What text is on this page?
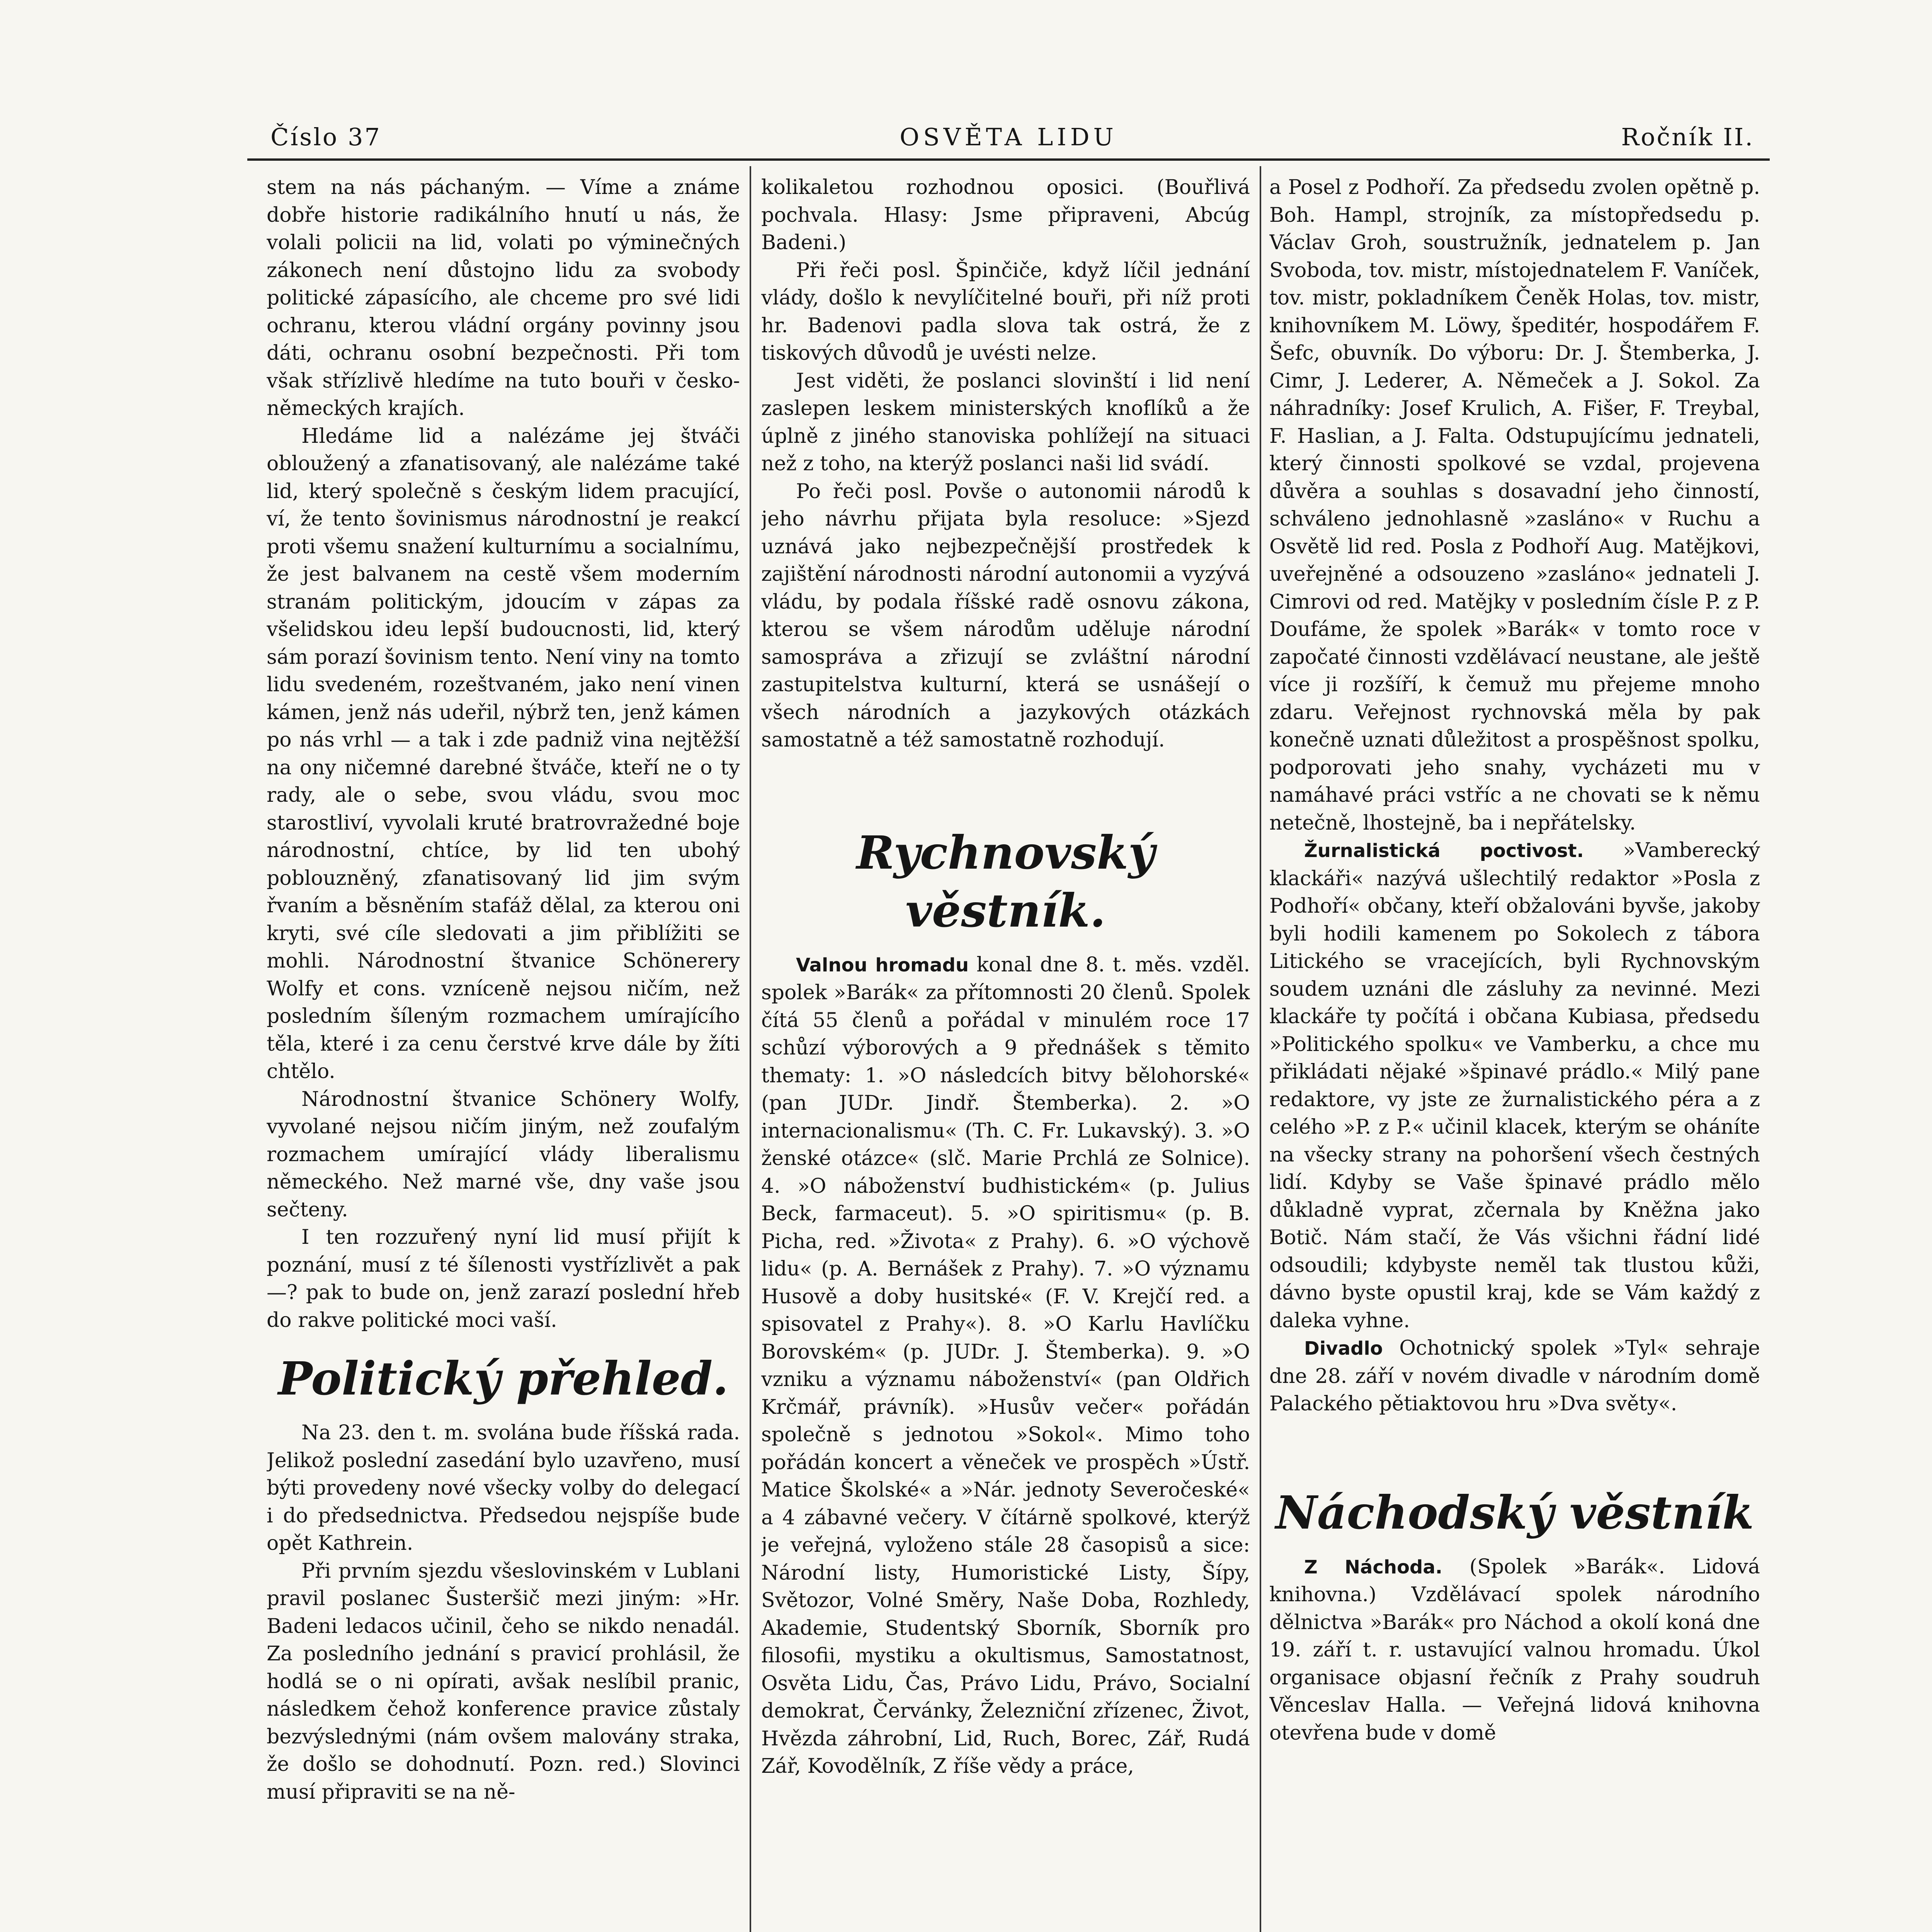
Číslo 37	OSVĚTA LIDU	Ročník II.

stem na nás páchaným. — Víme a známe dobře historie radikálního hnutí u nás, že volali policii na lid, volati po výminečných zákonech není důstojno lidu za svobody politické zápasícího, ale chceme pro své lidi ochranu, kterou vládní orgány povinny jsou dáti, ochranu osobní bezpečnosti. Při tom však střízlivě hledíme na tuto bouři v česko-německých krajích.

Hledáme lid a nalézáme jej štváči obloužený a zfanatisovaný, ale nalézáme také lid, který společně s českým lidem pracující, ví, že tento šovinismus národnostní je reakcí proti všemu snažení kulturnímu a socialnímu, že jest balvanem na cestě všem moderním stranám politickým, jdoucím v zápas za všelidskou ideu lepší budoucnosti, lid, který sám porazí šovinism tento. Není viny na tomto lidu svedeném, rozeštvaném, jako není vinen kámen, jenž nás udeřil, nýbrž ten, jenž kámen po nás vrhl — a tak i zde padniž vina nejtěžší na ony ničemné darebné štváče, kteří ne o ty rady, ale o sebe, svou vládu, svou moc starostliví, vyvolali kruté bratrovražedné boje národnostní, chtíce, by lid ten ubohý poblouzněný, zfanatisovaný lid jim svým řvaním a běsněním stafáž dělal, za kterou oni kryti, své cíle sledovati a jim přiblížiti se mohli. Národnostní štvanice Schönerery Wolfy et cons. vzníceně nejsou ničím, než posledním šíleným rozmachem umírajícího těla, které i za cenu čerstvé krve dále by žíti chtělo.

Národnostní štvanice Schönery Wolfy, vyvolané nejsou ničím jiným, než zoufalým rozmachem umírající vlády liberalismu německého. Než marné vše, dny vaše jsou sečteny.

I ten rozzuřený nyní lid musí přijít k poznání, musí z té šílenosti vystřízlivět a pak —? pak to bude on, jenž zarazí poslední hřeb do rakve politické moci vaší.

Politický přehled.

Na 23. den t. m. svolána bude říšská rada. Jelikož poslední zasedání bylo uzavřeno, musí býti provedeny nové všecky volby do delegací i do předsednictva. Předsedou nejspíše bude opět Kathrein.

Při prvním sjezdu všeslovinském v Lublani pravil poslanec Šusteršič mezi jiným: »Hr. Badeni ledacos učinil, čeho se nikdo nenadál. Za posledního jednání s pravicí prohlásil, že hodlá se o ni opírati, avšak neslíbil pranic, následkem čehož konference pravice zůstaly bezvýslednými (nám ovšem malovány straka, že došlo se dohodnutí. Pozn. red.) Slovinci musí připraviti se na ně-

kolikaletou rozhodnou oposici. (Bouřlivá pochvala. Hlasy: Jsme připraveni, Abcúg Badeni.)

Při řeči posl. Špinčiče, když líčil jednání vlády, došlo k nevylíčitelné bouři, při níž proti hr. Badenovi padla slova tak ostrá, že z tiskových důvodů je uvésti nelze.

Jest viděti, že poslanci slovinští i lid není zaslepen leskem ministerských knoflíků a že úplně z jiného stanoviska pohlížejí na situaci než z toho, na kterýž poslanci naši lid svádí.

Po řeči posl. Povše o autonomii národů k jeho návrhu přijata byla resoluce: »Sjezd uznává jako nejbezpečnější prostředek k zajištění národnosti národní autonomii a vyzývá vládu, by podala říšské radě osnovu zákona, kterou se všem národům uděluje národní samospráva a zřizují se zvláštní národní zastupitelstva kulturní, která se usnášejí o všech národních a jazykových otázkách samostatně a též samostatně rozhodují.

Rychnovský věstník.

Valnou hromadu konal dne 8. t. měs. vzděl. spolek »Barák« za přítomnosti 20 členů. Spolek čítá 55 členů a pořádal v minulém roce 17 schůzí výborových a 9 přednášek s těmito thematy: 1. »O následcích bitvy bělohorské« (pan JUDr. Jindř. Štemberka). 2. »O internacionalismu« (Th. C. Fr. Lukavský). 3. »O ženské otázce« (slč. Marie Prchlá ze Solnice). 4. »O náboženství budhistickém« (p. Julius Beck, farmaceut). 5. »O spiritismu« (p. B. Picha, red. »Života« z Prahy). 6. »O výchově lidu« (p. A. Bernášek z Prahy). 7. »O významu Husově a doby husitské« (F. V. Krejčí red. a spisovatel z Prahy«). 8. »O Karlu Havlíčku Borovském« (p. JUDr. J. Štemberka). 9. »O vzniku a významu náboženství« (pan Oldřich Krčmář, právník). »Husův večer« pořádán společně s jednotou »Sokol«. Mimo toho pořádán koncert a věneček ve prospěch »Ústř. Matice Školské« a »Nár. jednoty Severočeské« a 4 zábavné večery. V čítárně spolkové, kterýž je veřejná, vyloženo stále 28 časopisů a sice: Národní listy, Humoristické Listy, Šípy, Světozor, Volné Směry, Naše Doba, Rozhledy, Akademie, Studentský Sborník, Sborník pro filosofii, mystiku a okultismus, Samostatnost, Osvěta Lidu, Čas, Právo Lidu, Právo, Socialní demokrat, Červánky, Železniční zřízenec, Život, Hvězda záhrobní, Lid, Ruch, Borec, Zář, Rudá Zář, Kovodělník, Z říše vědy a práce,

a Posel z Podhoří. Za předsedu zvolen opětně p. Boh. Hampl, strojník, za místopředsedu p. Václav Groh, soustružník, jednatelem p. Jan Svoboda, tov. mistr, místojednatelem F. Vaníček, tov. mistr, pokladníkem Čeněk Holas, tov. mistr, knihovníkem M. Löwy, špeditér, hospodářem F. Šefc, obuvník. Do výboru: Dr. J. Štemberka, J. Cimr, J. Lederer, A. Němeček a J. Sokol. Za náhradníky: Josef Krulich, A. Fišer, F. Treybal, F. Haslian, a J. Falta. Odstupujícímu jednateli, který činnosti spolkové se vzdal, projevena důvěra a souhlas s dosavadní jeho činností, schváleno jednohlasně »zasláno« v Ruchu a Osvětě lid red. Posla z Podhoří Aug. Matějkovi, uveřejněné a odsouzeno »zasláno« jednateli J. Cimrovi od red. Matějky v posledním čísle P. z P. Doufáme, že spolek »Barák« v tomto roce v započaté činnosti vzdělávací neustane, ale ještě více ji rozšíří, k čemuž mu přejeme mnoho zdaru. Veřejnost rychnovská měla by pak konečně uznati důležitost a prospěšnost spolku, podporovati jeho snahy, vycházeti mu v namáhavé práci vstříc a ne chovati se k němu netečně, lhostejně, ba i nepřátelsky.

Žurnalistická poctivost. »Vamberecký klackáři« nazývá ušlechtilý redaktor »Posla z Podhoří« občany, kteří obžalováni byvše, jakoby byli hodili kamenem po Sokolech z tábora Litického se vracejících, byli Rychnovským soudem uznáni dle zásluhy za nevinné. Mezi klackáře ty počítá i občana Kubiasa, předsedu »Politického spolku« ve Vamberku, a chce mu přikládati nějaké »špinavé prádlo.« Milý pane redaktore, vy jste ze žurnalistického péra a z celého »P. z P.« učinil klacek, kterým se oháníte na všecky strany na pohoršení všech čestných lidí. Kdyby se Vaše špinavé prádlo mělo důkladně vyprat, zčernala by Kněžna jako Botič. Nám stačí, že Vás všichni řádní lidé odsoudili; kdybyste neměl tak tlustou kůži, dávno byste opustil kraj, kde se Vám každý z daleka vyhne.

Divadlo Ochotnický spolek »Tyl« sehraje dne 28. září v novém divadle v národním domě Palackého pětiaktovou hru »Dva světy«.

Náchodský věstník

Z Náchoda. (Spolek »Barák«. Lidová knihovna.) Vzdělávací spolek národního dělnictva »Barák« pro Náchod a okolí koná dne 19. září t. r. ustavující valnou hromadu. Úkol organisace objasní řečník z Prahy soudruh Věnceslav Halla. — Veřejná lidová knihovna otevřena bude v domě
